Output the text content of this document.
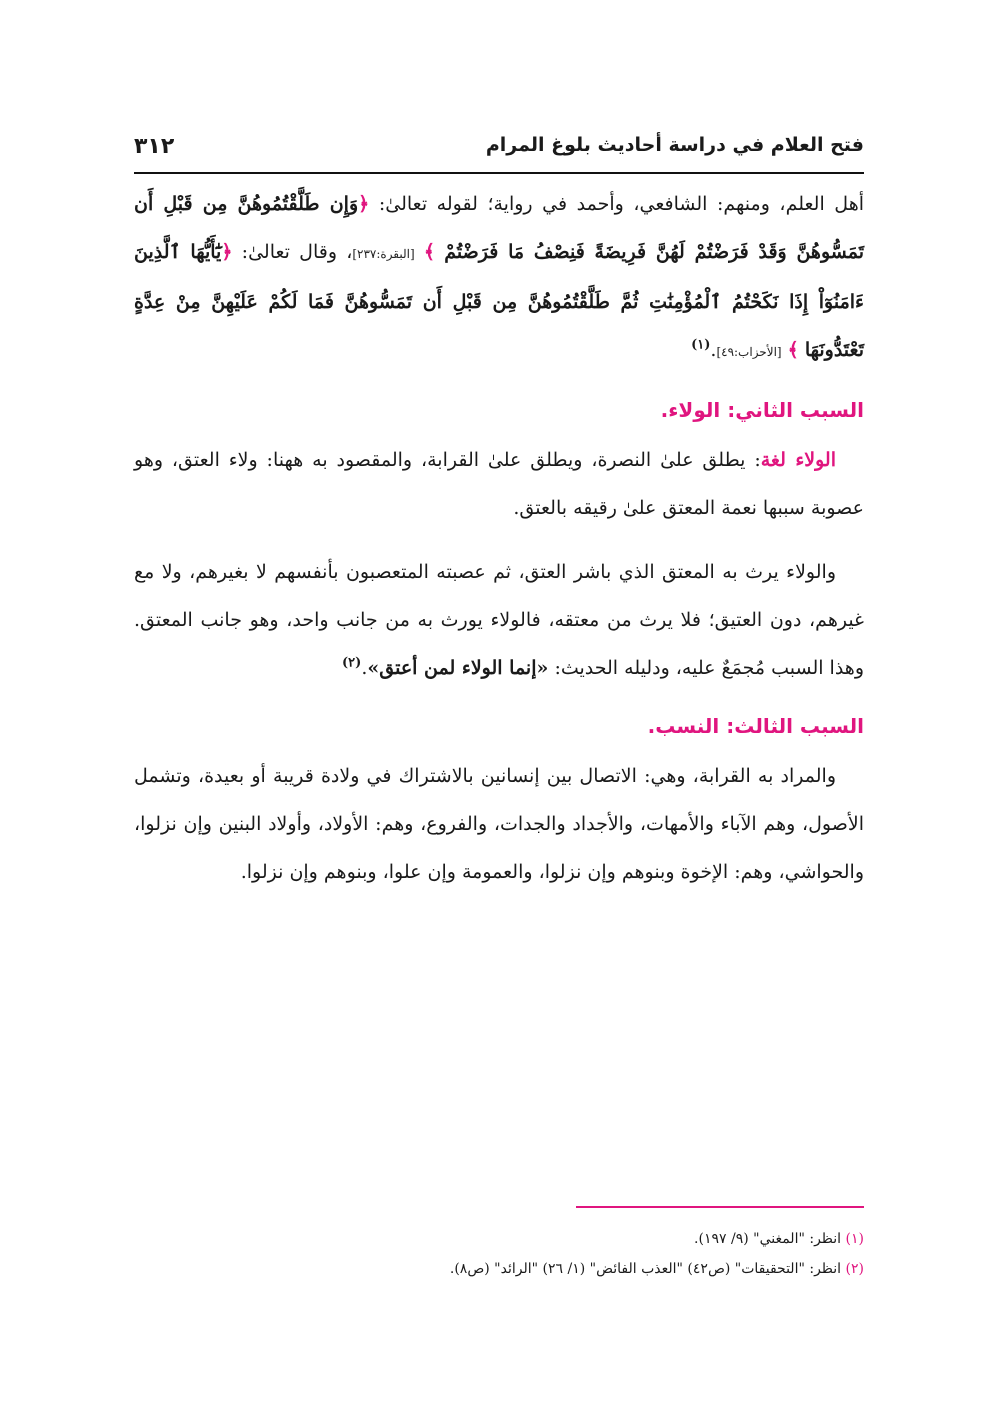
٣١٢	فتح العلام في دراسة أحاديث بلوغ المرام

أهل العلم، ومنهم: الشافعي، وأحمد في رواية؛ لقوله تعالىٰ: ﴿وَإِن طَلَّقْتُمُوهُنَّ مِن قَبْلِ أَن تَمَسُّوهُنَّ وَقَدْ فَرَضْتُمْ لَهُنَّ فَرِيضَةً فَنِصْفُ مَا فَرَضْتُمْ ﴾ [البقرة:٢٣٧]، وقال تعالىٰ: ﴿يَٰٓأَيُّهَا ٱلَّذِينَ ءَامَنُوٓاْ إِذَا نَكَحْتُمُ ٱلْمُؤْمِنَٰتِ ثُمَّ طَلَّقْتُمُوهُنَّ مِن قَبْلِ أَن تَمَسُّوهُنَّ فَمَا لَكُمْ عَلَيْهِنَّ مِنْ عِدَّةٍ تَعْتَدُّونَهَا ﴾ [الأحزاب:٤٩].$^{(١)}$

السبب الثاني: الولاء.

الولاء لغة: يطلق علىٰ النصرة، ويطلق علىٰ القرابة، والمقصود به ههنا: ولاء العتق، وهو عصوبة سببها نعمة المعتق علىٰ رقيقه بالعتق.

والولاء يرث به المعتق الذي باشر العتق، ثم عصبته المتعصبون بأنفسهم لا بغيرهم، ولا مع غيرهم، دون العتيق؛ فلا يرث من معتقه، فالولاء يورث به من جانب واحد، وهو جانب المعتق. وهذا السبب مُجمَعٌ عليه، ودليله الحديث: «إنما الولاء لمن أعتق».$^{(٢)}$

السبب الثالث: النسب.

والمراد به القرابة، وهي: الاتصال بين إنسانين بالاشتراك في ولادة قريبة أو بعيدة، وتشمل الأصول، وهم الآباء والأمهات، والأجداد والجدات، والفروع، وهم: الأولاد، وأولاد البنين وإن نزلوا، والحواشي، وهم: الإخوة وبنوهم وإن نزلوا، والعمومة وإن علوا، وبنوهم وإن نزلوا.

(١) انظر: "المغني" (٩/ ١٩٧).

(٢) انظر: "التحقيقات" (ص٤٢) "العذب الفائض" (١/ ٢٦) "الرائد" (ص٨).
